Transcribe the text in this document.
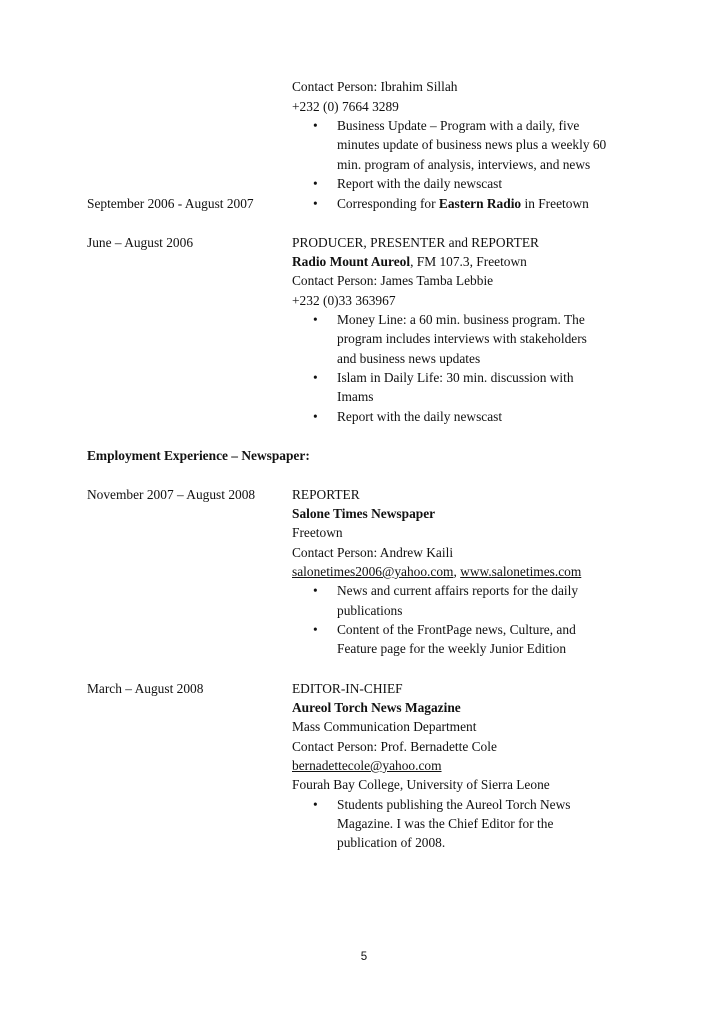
Contact Person: Ibrahim Sillah
+232 (0) 7664 3289
• Business Update – Program with a daily, five
minutes update of business news plus a weekly 60
min. program of analysis, interviews, and news
• Report with the daily newscast
September 2006 - August 2007	• Corresponding for Eastern Radio in Freetown
June – August 2006	PRODUCER, PRESENTER and REPORTER
Radio Mount Aureol, FM 107.3, Freetown
Contact Person: James Tamba Lebbie
+232 (0)33 363967
• Money Line: a 60 min. business program. The
program includes interviews with stakeholders
and business news updates
• Islam in Daily Life: 30 min. discussion with
Imams
• Report with the daily newscast
Employment Experience – Newspaper:
November 2007 – August 2008	REPORTER
Salone Times Newspaper
Freetown
Contact Person: Andrew Kaili
salonetimes2006@yahoo.com, www.salonetimes.com
• News and current affairs reports for the daily
publications
• Content of the FrontPage news, Culture, and
Feature page for the weekly Junior Edition
March – August 2008	EDITOR-IN-CHIEF
Aureol Torch News Magazine
Mass Communication Department
Contact Person: Prof. Bernadette Cole
bernadettecole@yahoo.com
Fourah Bay College, University of Sierra Leone
• Students publishing the Aureol Torch News
Magazine. I was the Chief Editor for the
publication of 2008.
5
